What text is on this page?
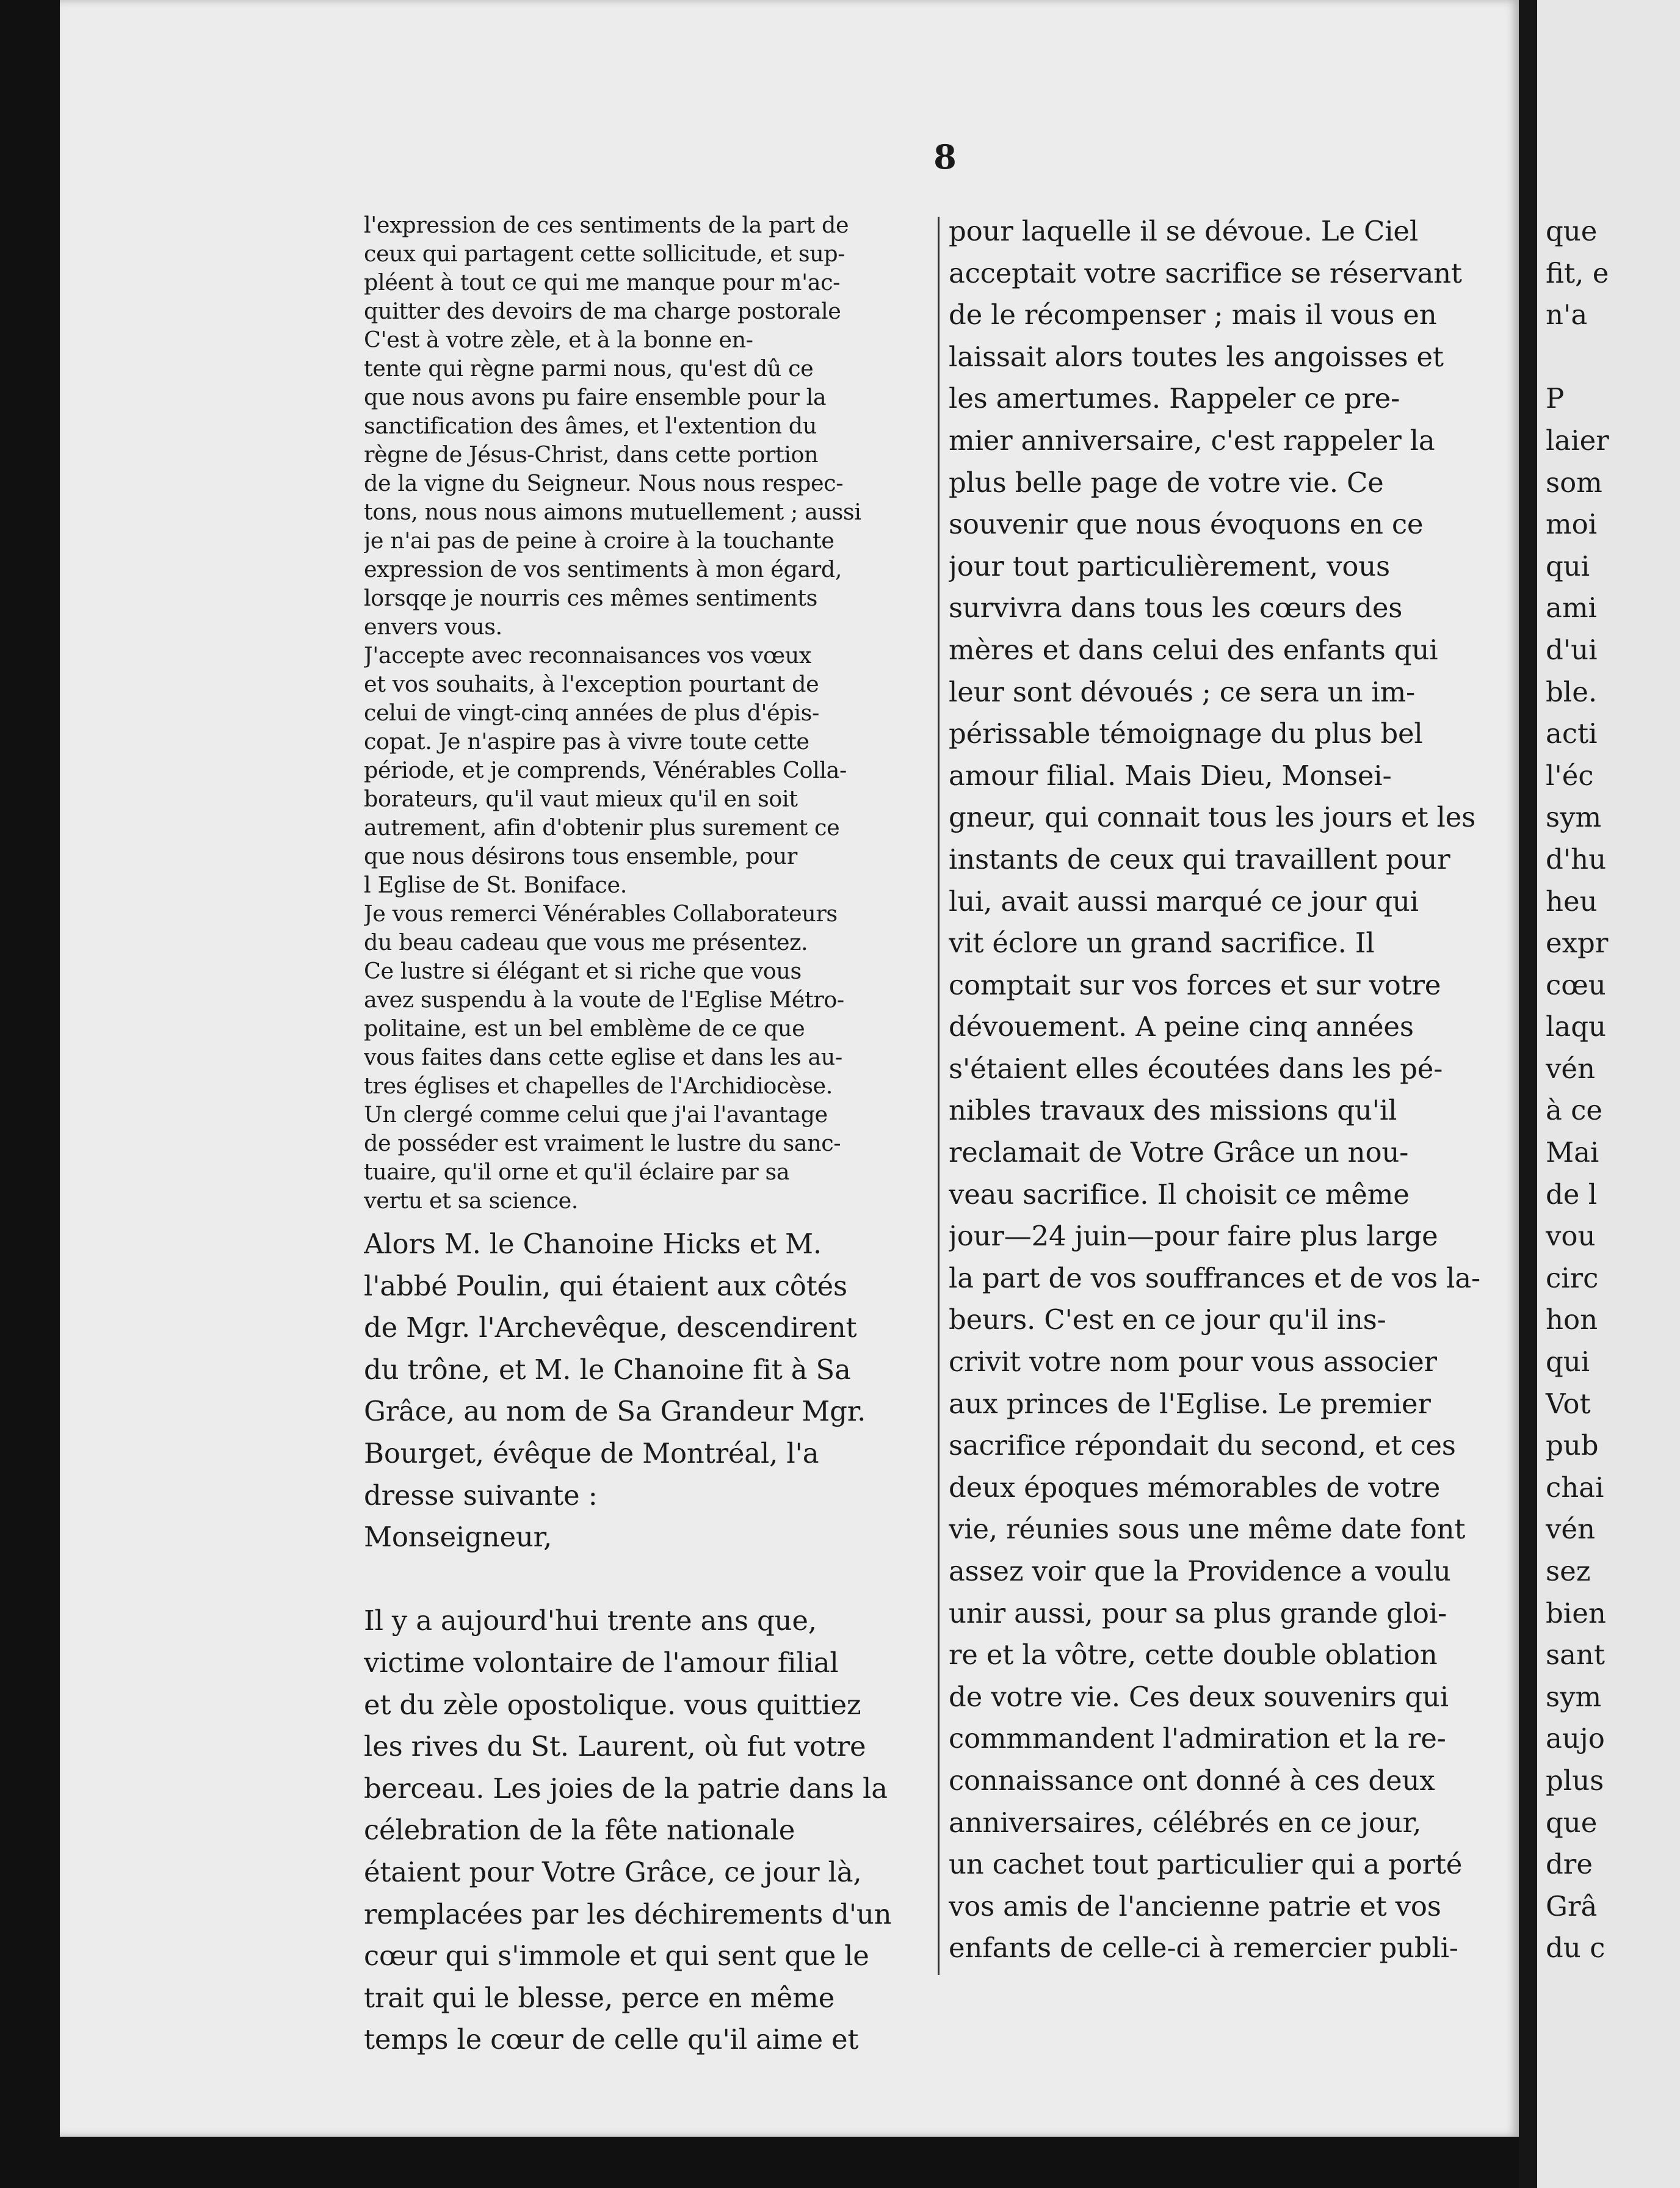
8
l'expression de ces sentiments de la part de
ceux qui partagent cette sollicitude, et sup-
pléent à tout ce qui me manque pour m'ac-
quitter des devoirs de ma charge postorale
C'est à votre zèle, et à la bonne en-
tente qui règne parmi nous, qu'est dû ce
que nous avons pu faire ensemble pour la
sanctification des âmes, et l'extention du
règne de Jésus-Christ, dans cette portion
de la vigne du Seigneur. Nous nous respec-
tons, nous nous aimons mutuellement ; aussi
je n'ai pas de peine à croire à la touchante
expression de vos sentiments à mon égard,
lorsqqe je nourris ces mêmes sentiments
envers vous.
J'accepte avec reconnaisances vos vœux
et vos souhaits, à l'exception pourtant de
celui de vingt-cinq années de plus d'épis-
copat. Je n'aspire pas à vivre toute cette
période, et je comprends, Vénérables Colla-
borateurs, qu'il vaut mieux qu'il en soit
autrement, afin d'obtenir plus surement ce
que nous désirons tous ensemble, pour
l Eglise de St. Boniface.
Je vous remerci Vénérables Collaborateurs
du beau cadeau que vous me présentez.
Ce lustre si élégant et si riche que vous
avez suspendu à la voute de l'Eglise Métro-
politaine, est un bel emblème de ce que
vous faites dans cette eglise et dans les au-
tres églises et chapelles de l'Archidiocèse.
Un clergé comme celui que j'ai l'avantage
de posséder est vraiment le lustre du sanc-
tuaire, qu'il orne et qu'il éclaire par sa
vertu et sa science.
Alors M. le Chanoine Hicks et M.
l'abbé Poulin, qui étaient aux côtés
de Mgr. l'Archevêque, descendirent
du trône, et M. le Chanoine fit à Sa
Grâce, au nom de Sa Grandeur Mgr.
Bourget, évêque de Montréal, l'a
dresse suivante :
Monseigneur,

Il y a aujourd'hui trente ans que,
victime volontaire de l'amour filial
et du zèle opostolique. vous quittiez
les rives du St. Laurent, où fut votre
berceau. Les joies de la patrie dans la
célebration de la fête nationale
étaient pour Votre Grâce, ce jour là,
remplacées par les déchirements d'un
cœur qui s'immole et qui sent que le
trait qui le blesse, perce en même
temps le cœur de celle qu'il aime et
pour laquelle il se dévoue. Le Ciel
acceptait votre sacrifice se réservant
de le récompenser ; mais il vous en
laissait alors toutes les angoisses et
les amertumes. Rappeler ce pre-
mier anniversaire, c'est rappeler la
plus belle page de votre vie. Ce
souvenir que nous évoquons en ce
jour tout particulièrement, vous
survivra dans tous les cœurs des
mères et dans celui des enfants qui
leur sont dévoués ; ce sera un im-
périssable témoignage du plus bel
amour filial. Mais Dieu, Monsei-
gneur, qui connait tous les jours et les
instants de ceux qui travaillent pour
lui, avait aussi marqué ce jour qui
vit éclore un grand sacrifice. Il
comptait sur vos forces et sur votre
dévouement. A peine cinq années
s'étaient elles écoutées dans les pé-
nibles travaux des missions qu'il
reclamait de Votre Grâce un nou-
veau sacrifice. Il choisit ce même
jour—24 juin—pour faire plus large
la part de vos souffrances et de vos la-
beurs. C'est en ce jour qu'il ins-
crivit votre nom pour vous associer
aux princes de l'Eglise. Le premier
sacrifice répondait du second, et ces
deux époques mémorables de votre
vie, réunies sous une même date font
assez voir que la Providence a voulu
unir aussi, pour sa plus grande gloi-
re et la vôtre, cette double oblation
de votre vie. Ces deux souvenirs qui
commmandent l'admiration et la re-
connaissance ont donné à ces deux
anniversaires, célébrés en ce jour,
un cachet tout particulier qui a porté
vos amis de l'ancienne patrie et vos
enfants de celle-ci à remercier publi-
que
fit, e
n'a

P
laier
som
moi
qui
ami
d'ui
ble.
acti
l'éc
sym
d'hu
heu
expr
cœu
laqu
vén
à ce
Mai
de l
vou
circ
hon
qui
Vot
pub
chai
vén
sez
bien
sant
sym
aujo
plus
que
dre
Grâ
du c
